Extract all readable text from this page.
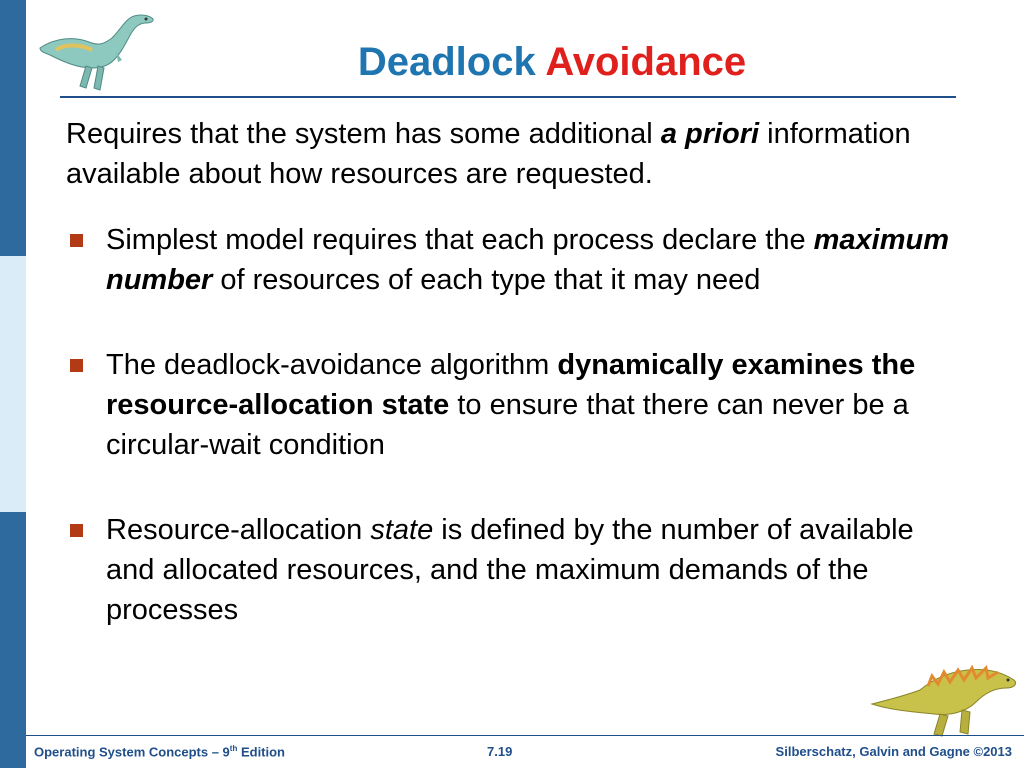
Deadlock Avoidance
Requires that the system has some additional a priori information available about how resources are requested.
Simplest model requires that each process declare the maximum number of resources of each type that it may need
The deadlock-avoidance algorithm dynamically examines the resource-allocation state to ensure that there can never be a circular-wait condition
Resource-allocation state is defined by the number of available and allocated resources, and the maximum demands of the processes
Operating System Concepts – 9th Edition	7.19	Silberschatz, Galvin and Gagne ©2013
